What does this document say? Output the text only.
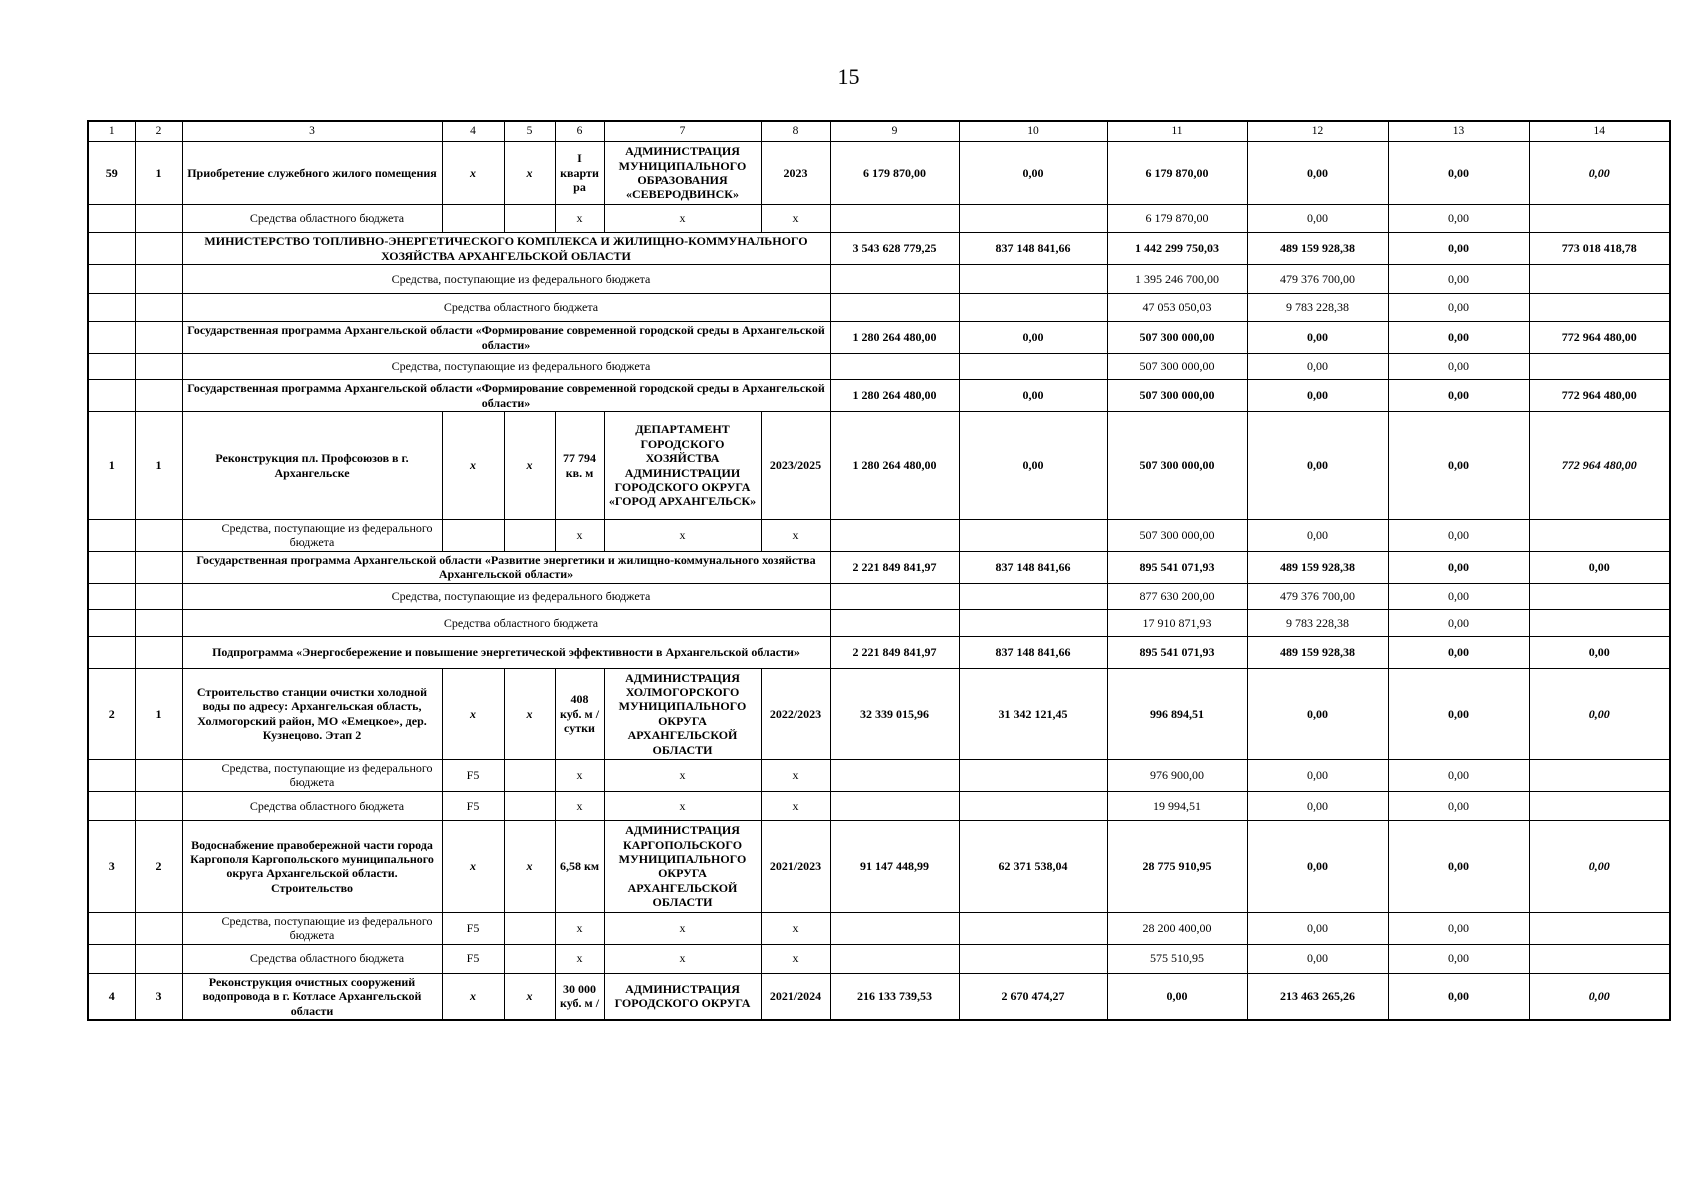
15
1	2	3	4	5	6	7	8	9	10	11	12	13	14
59	1	Приобретение служебного жилого помещения	x	x	I квартира	АДМИНИСТРАЦИЯ МУНИЦИПАЛЬНОГО ОБРАЗОВАНИЯ «СЕВЕРОДВИНСК»	2023	6 179 870,00	0,00	6 179 870,00	0,00	0,00	0,00
		Средства областного бюджета			x	x	x			6 179 870,00	0,00	0,00	
		МИНИСТЕРСТВО ТОПЛИВНО-ЭНЕРГЕТИЧЕСКОГО КОМПЛЕКСА И ЖИЛИЩНО-КОММУНАЛЬНОГО ХОЗЯЙСТВА АРХАНГЕЛЬСКОЙ ОБЛАСТИ						3 543 628 779,25	837 148 841,66	1 442 299 750,03	489 159 928,38	0,00	773 018 418,78
		Средства, поступающие из федерального бюджета								1 395 246 700,00	479 376 700,00	0,00	
		Средства областного бюджета								47 053 050,03	9 783 228,38	0,00	
		Государственная программа Архангельской области «Формирование современной городской среды в Архангельской области»						1 280 264 480,00	0,00	507 300 000,00	0,00	0,00	772 964 480,00
		Средства, поступающие из федерального бюджета								507 300 000,00	0,00	0,00	
		Государственная программа Архангельской области «Формирование современной городской среды в Архангельской области»						1 280 264 480,00	0,00	507 300 000,00	0,00	0,00	772 964 480,00
1	1	Реконструкция пл. Профсоюзов в г. Архангельске	x	x	77 794 кв. м	ДЕПАРТАМЕНТ ГОРОДСКОГО ХОЗЯЙСТВА АДМИНИСТРАЦИИ ГОРОДСКОГО ОКРУГА «ГОРОД АРХАНГЕЛЬСК»	2023/2025	1 280 264 480,00	0,00	507 300 000,00	0,00	0,00	772 964 480,00
		Средства, поступающие из федерального бюджета			x	x	x			507 300 000,00	0,00	0,00	
		Государственная программа Архангельской области «Развитие энергетики и жилищно-коммунального хозяйства Архангельской области»						2 221 849 841,97	837 148 841,66	895 541 071,93	489 159 928,38	0,00	0,00
		Средства, поступающие из федерального бюджета								877 630 200,00	479 376 700,00	0,00	
		Средства областного бюджета								17 910 871,93	9 783 228,38	0,00	
		Подпрограмма «Энергосбережение и повышение энергетической эффективности в Архангельской области»						2 221 849 841,97	837 148 841,66	895 541 071,93	489 159 928,38	0,00	0,00
2	1	Строительство станции очистки холодной воды по адресу: Архангельская область, Холмогорский район, МО «Емецкое», дер. Кузнецово. Этап 2	x	x	408 куб. м / сутки	АДМИНИСТРАЦИЯ ХОЛМОГОРСКОГО МУНИЦИПАЛЬНОГО ОКРУГА АРХАНГЕЛЬСКОЙ ОБЛАСТИ	2022/2023	32 339 015,96	31 342 121,45	996 894,51	0,00	0,00	0,00
		Средства, поступающие из федерального бюджета	F5		x	x	x			976 900,00	0,00	0,00	
		Средства областного бюджета	F5		x	x	x			19 994,51	0,00	0,00	
3	2	Водоснабжение правобережной части города Каргополя Каргопольского муниципального округа Архангельской области. Строительство	x	x	6,58 км	АДМИНИСТРАЦИЯ КАРГОПОЛЬСКОГО МУНИЦИПАЛЬНОГО ОКРУГА АРХАНГЕЛЬСКОЙ ОБЛАСТИ	2021/2023	91 147 448,99	62 371 538,04	28 775 910,95	0,00	0,00	0,00
		Средства, поступающие из федерального бюджета	F5		x	x	x			28 200 400,00	0,00	0,00	
		Средства областного бюджета	F5		x	x	x			575 510,95	0,00	0,00	
4	3	Реконструкция очистных сооружений водопровода в г. Котласе Архангельской области	x	x	30 000 куб. м /	АДМИНИСТРАЦИЯ ГОРОДСКОГО ОКРУГА	2021/2024	216 133 739,53	2 670 474,27	0,00	213 463 265,26	0,00	0,00
